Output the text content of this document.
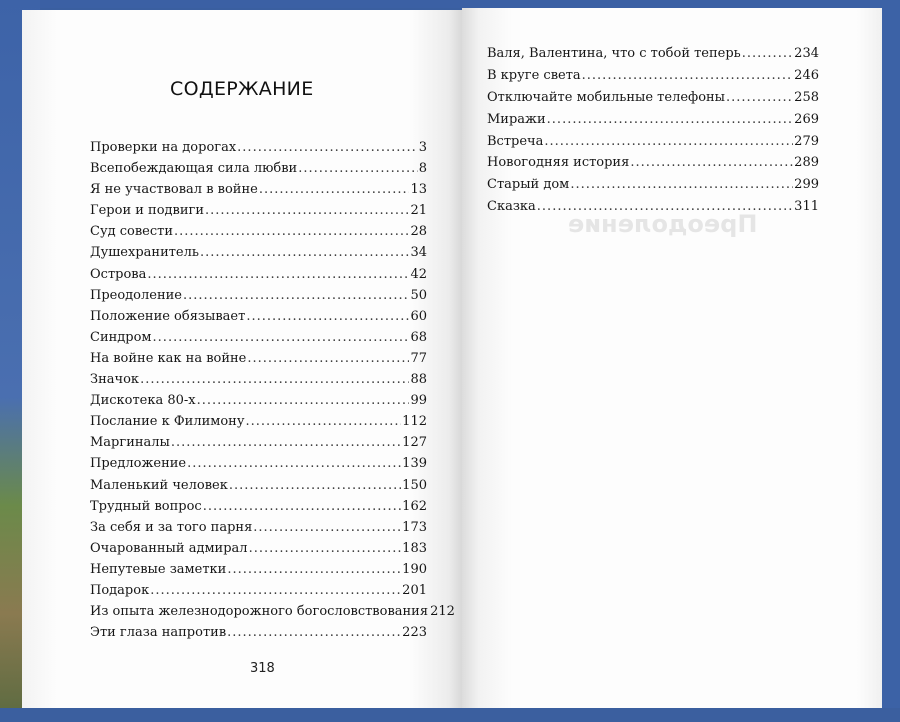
Преодоление
СОДЕРЖАНИЕ
Проверки на дорогах .....	3
Всепобеждающая сила любви .....	8
Я не участвовал в войне .....	13
Герои и подвиги .....	21
Суд совести .....	28
Душехранитель .....	34
Острова .....	42
Преодоление .....	50
Положение обязывает .....	60
Синдром .....	68
На войне как на войне .....	77
Значок .....	88
Дискотека 80-х .....	99
Послание к Филимону .....	112
Маргиналы .....	127
Предложение .....	139
Маленький человек .....	150
Трудный вопрос .....	162
За себя и за того парня .....	173
Очарованный адмирал .....	183
Непутевые заметки .....	190
Подарок .....	201
Из опыта железнодорожного богословствования 212
Эти глаза напротив .....	223
Валя, Валентина, что с тобой теперь .....	234
В круге света .....	246
Отключайте мобильные телефоны .....	258
Миражи .....	269
Встреча .....	279
Новогодняя история .....	289
Старый дом .....	299
Сказка .....	311
318
